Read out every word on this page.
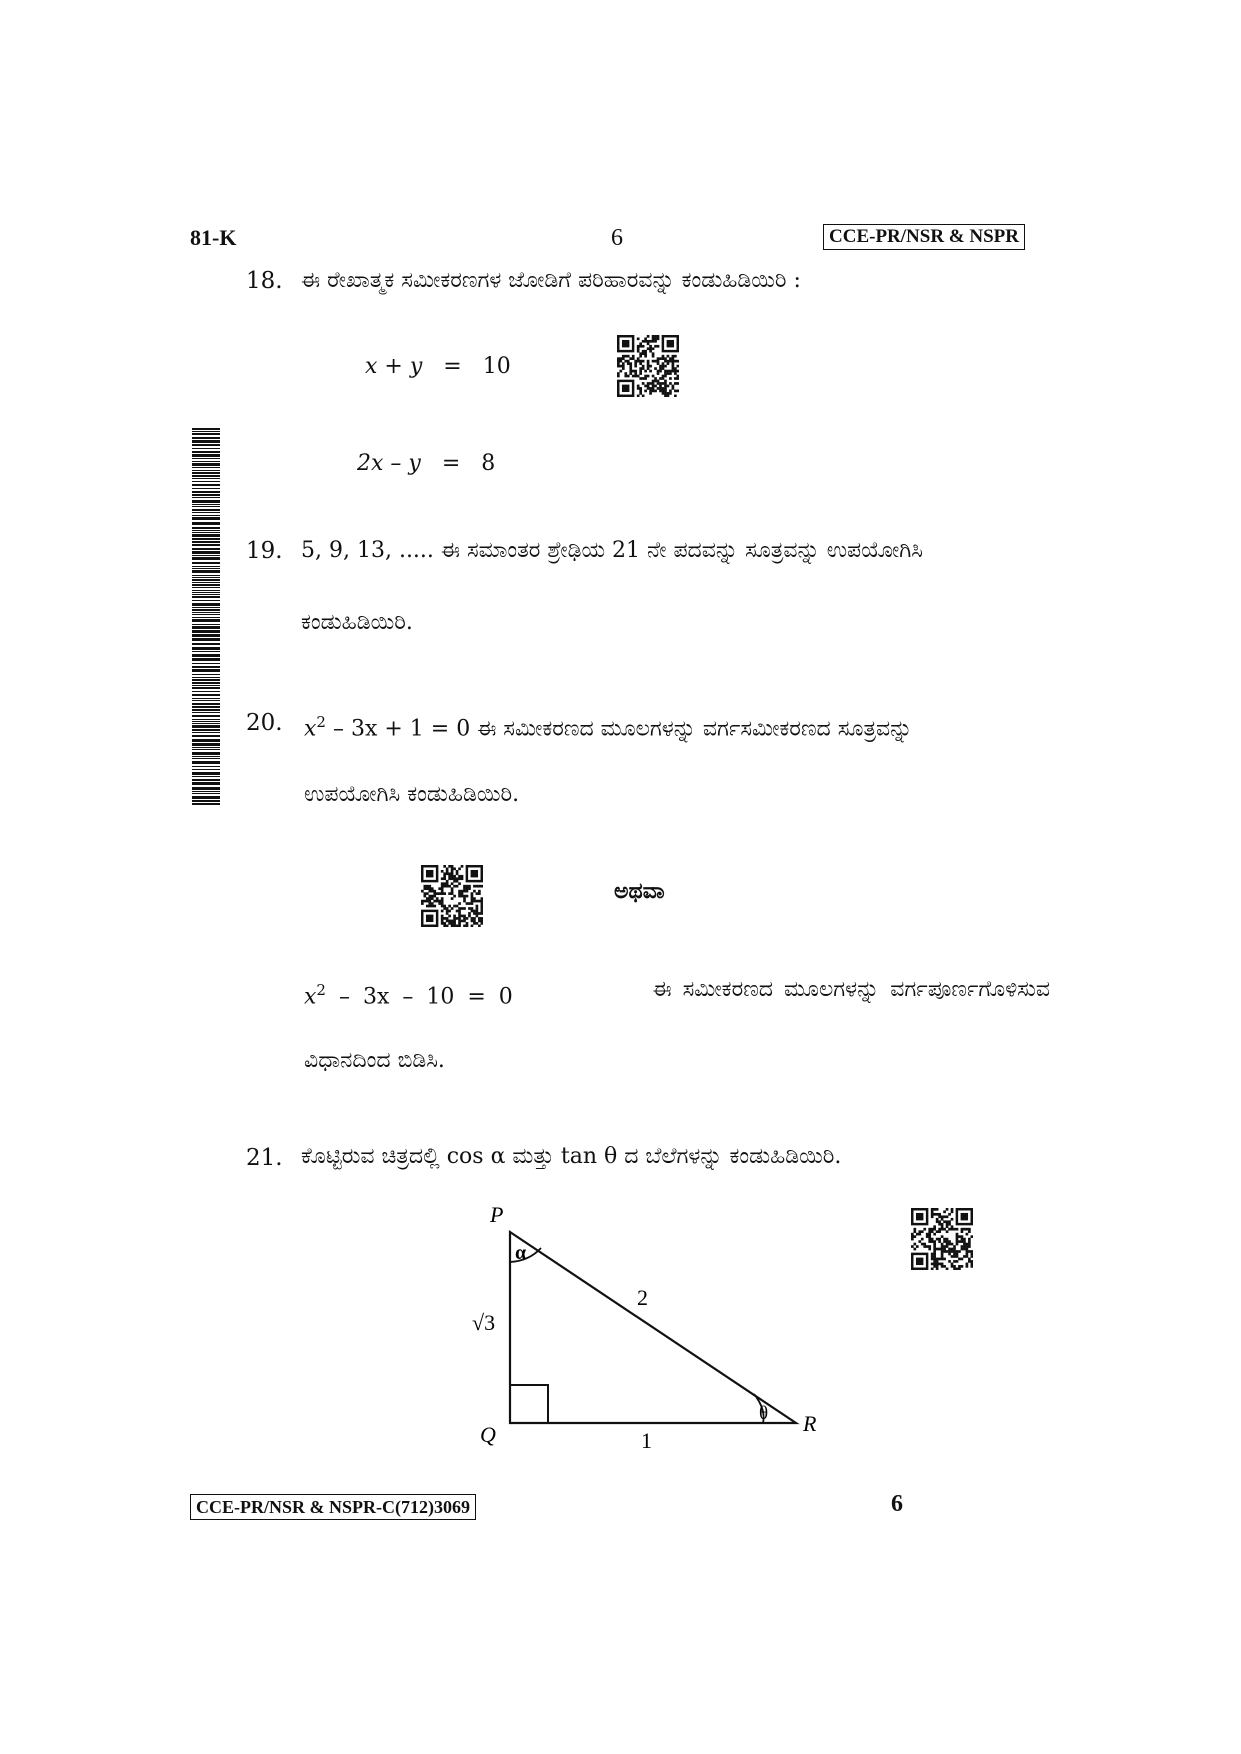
81-K	6	CCE-PR/NSR & NSPR
18. ಈ ರೇಖಾತ್ಮಕ ಸಮೀಕರಣಗಳ ಜೋಡಿಗೆ ಪರಿಹಾರವನ್ನು ಕಂಡುಹಿಡಿಯಿರಿ :
x + y = 10
2x – y = 8
19. 5, 9, 13, ..... ಈ ಸಮಾಂತರ ಶ್ರೇಢಿಯ 21 ನೇ ಪದವನ್ನು ಸೂತ್ರವನ್ನು ಉಪಯೋಗಿಸಿ
ಕಂಡುಹಿಡಿಯಿರಿ.
20. $x^2 - 3x + 1 = 0$ ಈ ಸಮೀಕರಣದ ಮೂಲಗಳನ್ನು ವರ್ಗಸಮೀಕರಣದ ಸೂತ್ರವನ್ನು
ಉಪಯೋಗಿಸಿ ಕಂಡುಹಿಡಿಯಿರಿ.
ಅಥವಾ
$x^2 - 3x - 10 = 0$	ಈ ಸಮೀಕರಣದ ಮೂಲಗಳನ್ನು ವರ್ಗಪೂರ್ಣಗೊಳಿಸುವ
ವಿಧಾನದಿಂದ ಬಿಡಿಸಿ.
21. ಕೊಟ್ಟಿರುವ ಚಿತ್ರದಲ್ಲಿ cos α ಮತ್ತು tan θ ದ ಬೆಲೆಗಳನ್ನು ಕಂಡುಹಿಡಿಯಿರಿ.
P
Q	R
√3
2
1
α
θ
CCE-PR/NSR & NSPR-C(712)3069	6
